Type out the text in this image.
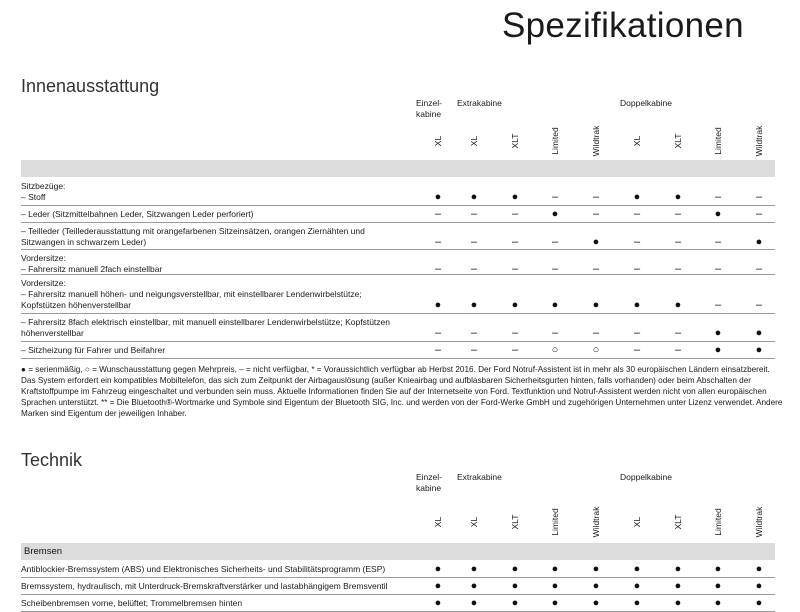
Spezifikationen
Innenausstattung
Einzel-
kabine
Extrakabine	Doppelkabine
XL	XL	XLT	Limited	Wildtrak	XL	XLT	Limited	Wildtrak
Sitzbezüge:
– Stoff	●	●	●	–	–	●	●	–	–
– Leder (Sitzmittelbahnen Leder, Sitzwangen Leder perforiert)	–	–	–	●	–	–	–	●	–
– Teilleder (Teillederausstattung mit orangefarbenen Sitzeinsätzen, orangen Ziernähten und
Sitzwangen in schwarzem Leder)	–	–	–	–	●	–	–	–	●
Vordersitze:
– Fahrersitz manuell 2fach einstellbar	–	–	–	–	–	–	–	–	–
Vordersitze:
– Fahrersitz manuell höhen- und neigungsverstellbar, mit einstellbarer Lendenwirbelstütze;
Kopfstützen höhenverstellbar	●	●	●	●	●	●	●	–	–
– Fahrersitz 8fach elektrisch einstellbar, mit manuell einstellbarer Lendenwirbelstütze; Kopfstützen
höhenverstellbar	–	–	–	–	–	–	–	●	●
– Sitzheizung für Fahrer und Beifahrer	–	–	–	○	○	–	–	●	●
● = serienmäßig, ○ = Wunschausstattung gegen Mehrpreis, – = nicht verfügbar, * = Voraussichtlich verfügbar ab Herbst 2016. Der Ford Notruf-Assistent ist in mehr als 30 europäischen Ländern einsatzbereit.
Das System erfordert ein kompatibles Mobiltelefon, das sich zum Zeitpunkt der Airbagauslösung (außer Knieairbag und aufblasbaren Sicherheitsgurten hinten, falls vorhanden) oder beim Abschalten der
Kraftstoffpumpe im Fahrzeug eingeschaltet und verbunden sein muss. Aktuelle Informationen finden Sie auf der Internetseite von Ford. Textfunktion und Notruf-Assistent werden nicht von allen europäischen
Sprachen unterstützt. ** = Die Bluetooth®-Wortmarke und Symbole sind Eigentum der Bluetooth SIG, Inc. und werden von der Ford-Werke GmbH und zugehörigen Unternehmen unter Lizenz verwendet. Andere
Marken sind Eigentum der jeweiligen Inhaber.
Technik
Einzel-
kabine
Extrakabine	Doppelkabine
XL	XL	XLT	Limited	Wildtrak	XL	XLT	Limited	Wildtrak
Bremsen
Antiblockier-Bremssystem (ABS) und Elektronisches Sicherheits- und Stabilitätsprogramm (ESP)	●	●	●	●	●	●	●	●	●
Bremssystem, hydraulisch, mit Unterdruck-Bremskraftverstärker und lastabhängigem Bremsventil	●	●	●	●	●	●	●	●	●
Scheibenbremsen vorne, belüftet; Trommelbremsen hinten	●	●	●	●	●	●	●	●	●
